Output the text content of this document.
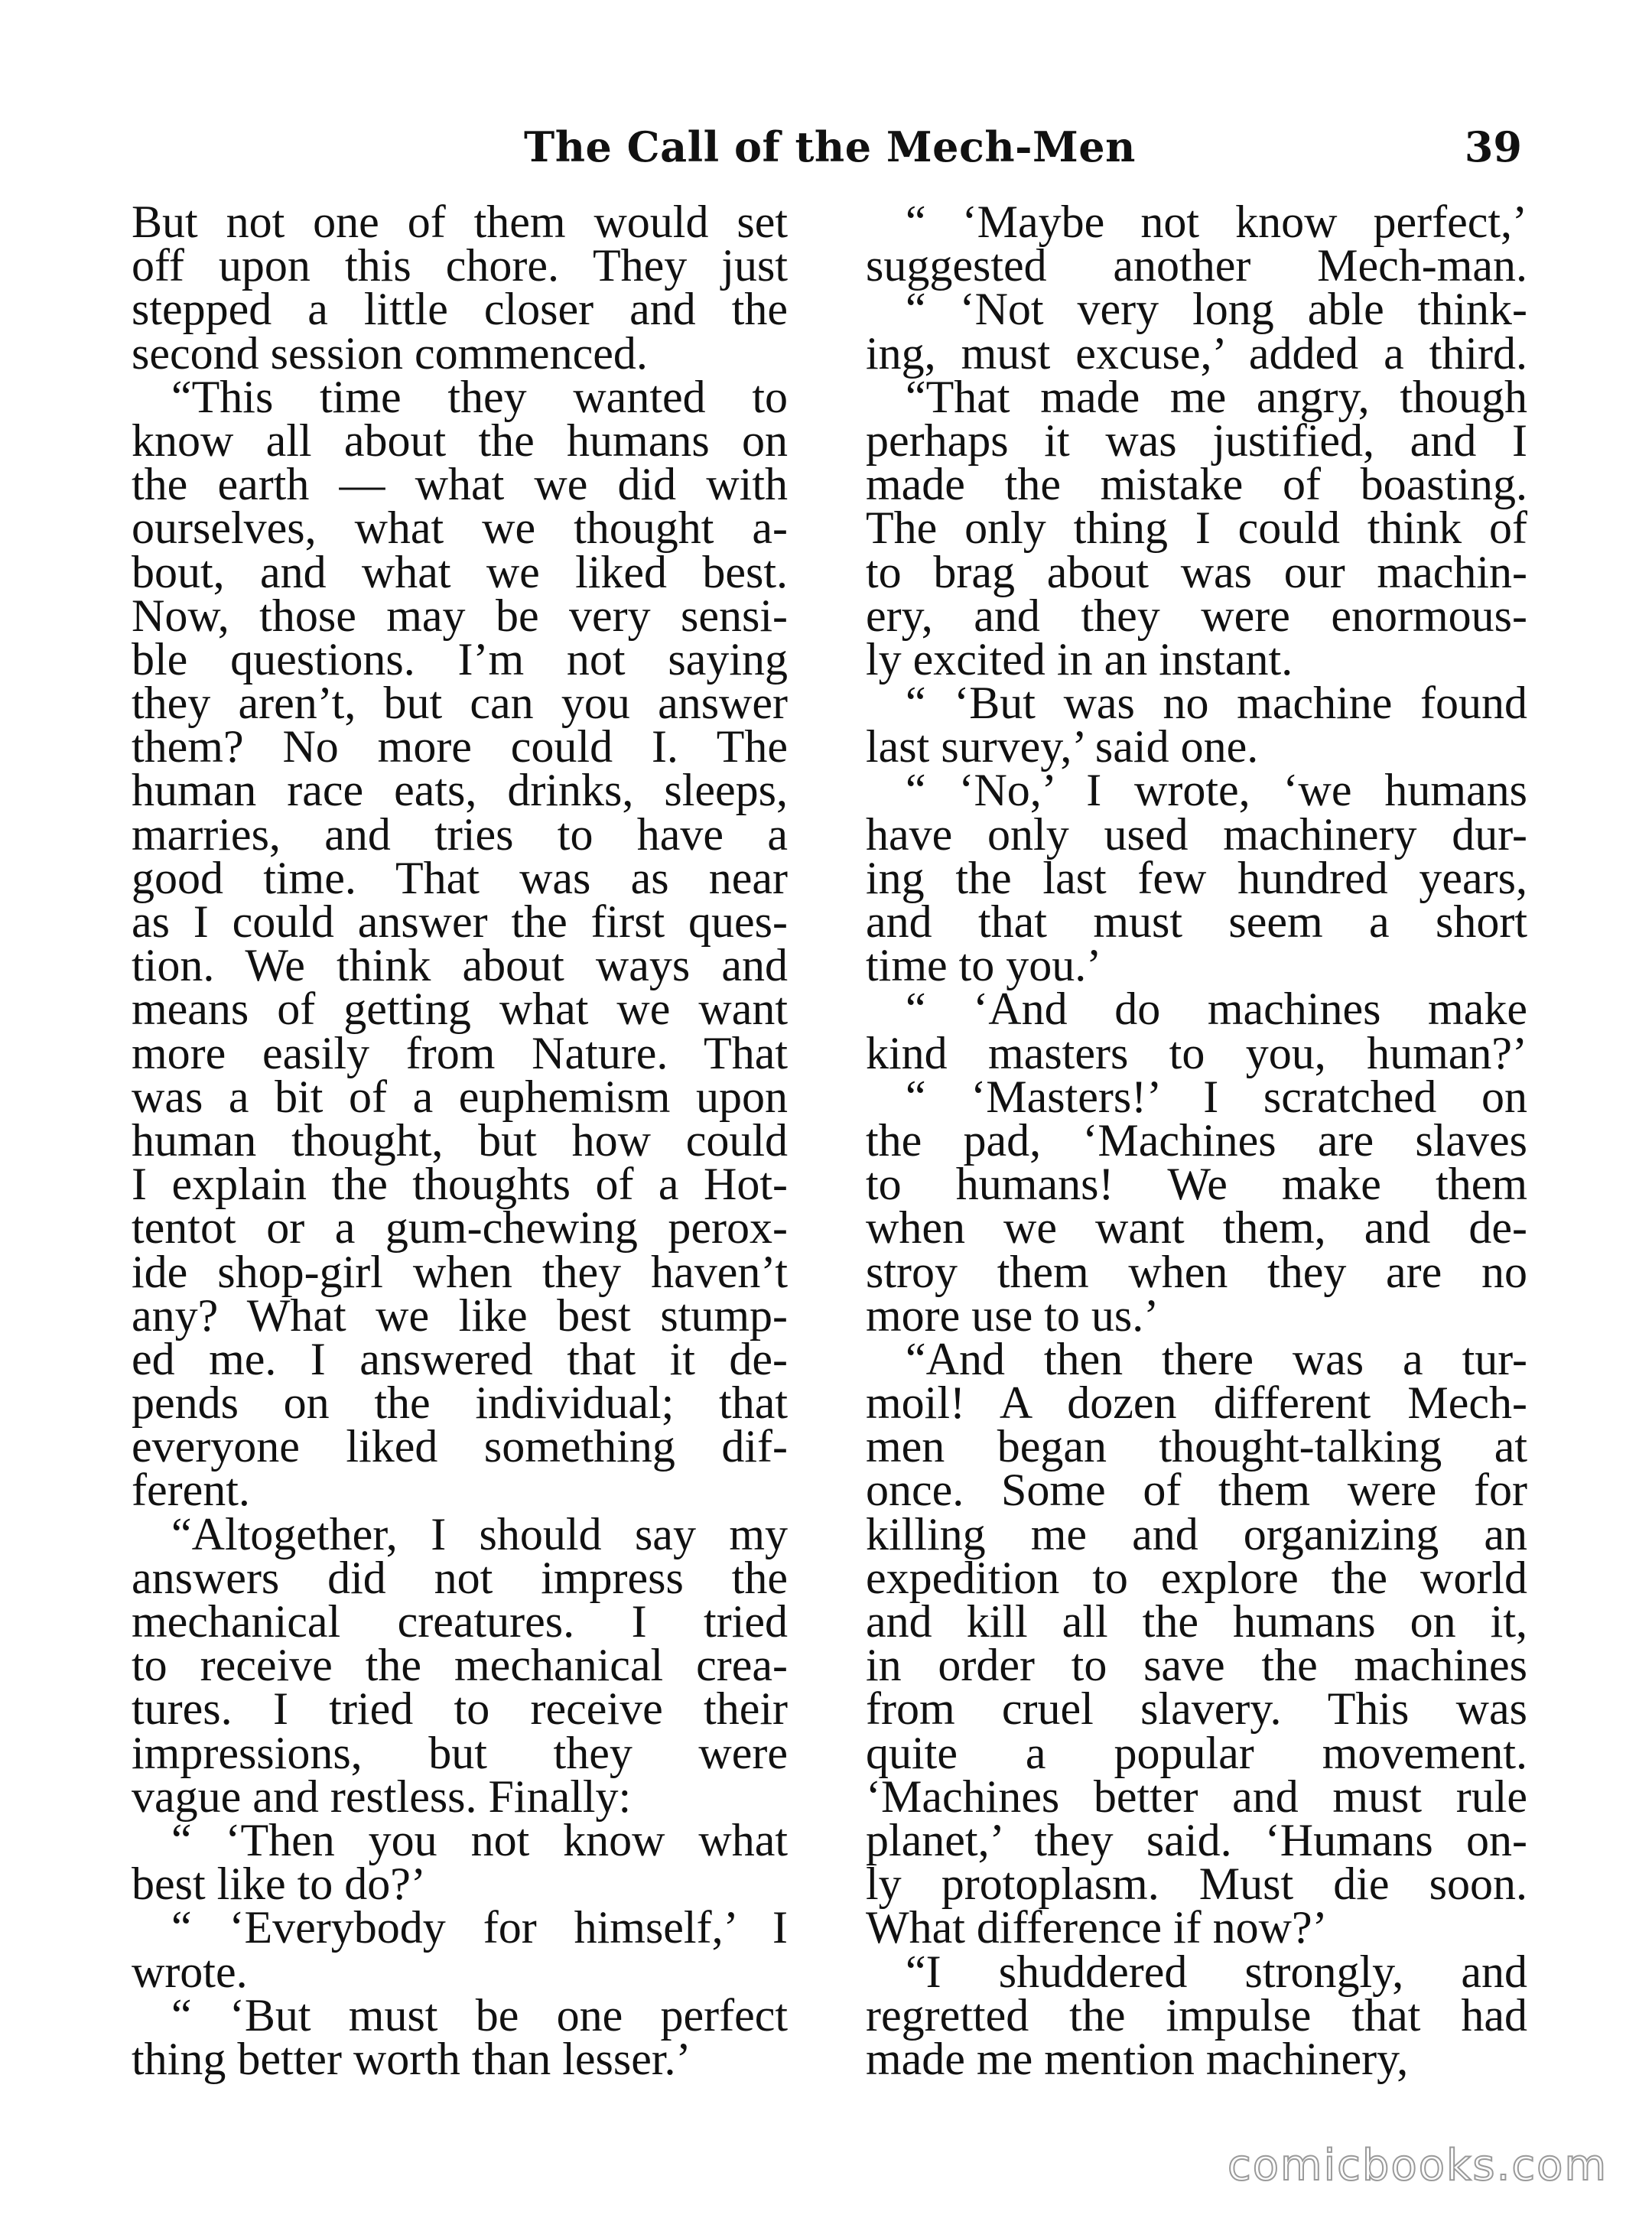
The Call of the Mech-Men	39
But not one of them would set
off upon this chore. They just
stepped a little closer and the
second session commenced.
“This time they wanted to
know all about the humans on
the earth — what we did with
ourselves, what we thought a-
bout, and what we liked best.
Now, those may be very sensi-
ble questions. I’m not saying
they aren’t, but can you answer
them? No more could I. The
human race eats, drinks, sleeps,
marries, and tries to have a
good time. That was as near
as I could answer the first ques-
tion. We think about ways and
means of getting what we want
more easily from Nature. That
was a bit of a euphemism upon
human thought, but how could
I explain the thoughts of a Hot-
tentot or a gum-chewing perox-
ide shop-girl when they haven’t
any? What we like best stump-
ed me. I answered that it de-
pends on the individual; that
everyone liked something dif-
ferent.
“Altogether, I should say my
answers did not impress the
mechanical creatures. I tried
to receive the mechanical crea-
tures. I tried to receive their
impressions, but they were
vague and restless. Finally:
“ ‘Then you not know what
best like to do?’
“ ‘Everybody for himself,’ I
wrote.
“ ‘But must be one perfect
thing better worth than lesser.’
“ ‘Maybe not know perfect,’
suggested another Mech-man.
“ ‘Not very long able think-
ing, must excuse,’ added a third.
“That made me angry, though
perhaps it was justified, and I
made the mistake of boasting.
The only thing I could think of
to brag about was our machin-
ery, and they were enormous-
ly excited in an instant.
“ ‘But was no machine found
last survey,’ said one.
“ ‘No,’ I wrote, ‘we humans
have only used machinery dur-
ing the last few hundred years,
and that must seem a short
time to you.’
“ ‘And do machines make
kind masters to you, human?’
“ ‘Masters!’ I scratched on
the pad, ‘Machines are slaves
to humans! We make them
when we want them, and de-
stroy them when they are no
more use to us.’
“And then there was a tur-
moil! A dozen different Mech-
men began thought-talking at
once. Some of them were for
killing me and organizing an
expedition to explore the world
and kill all the humans on it,
in order to save the machines
from cruel slavery. This was
quite a popular movement.
‘Machines better and must rule
planet,’ they said. ‘Humans on-
ly protoplasm. Must die soon.
What difference if now?’
“I shuddered strongly, and
regretted the impulse that had
made me mention machinery,
comicbooks.com
